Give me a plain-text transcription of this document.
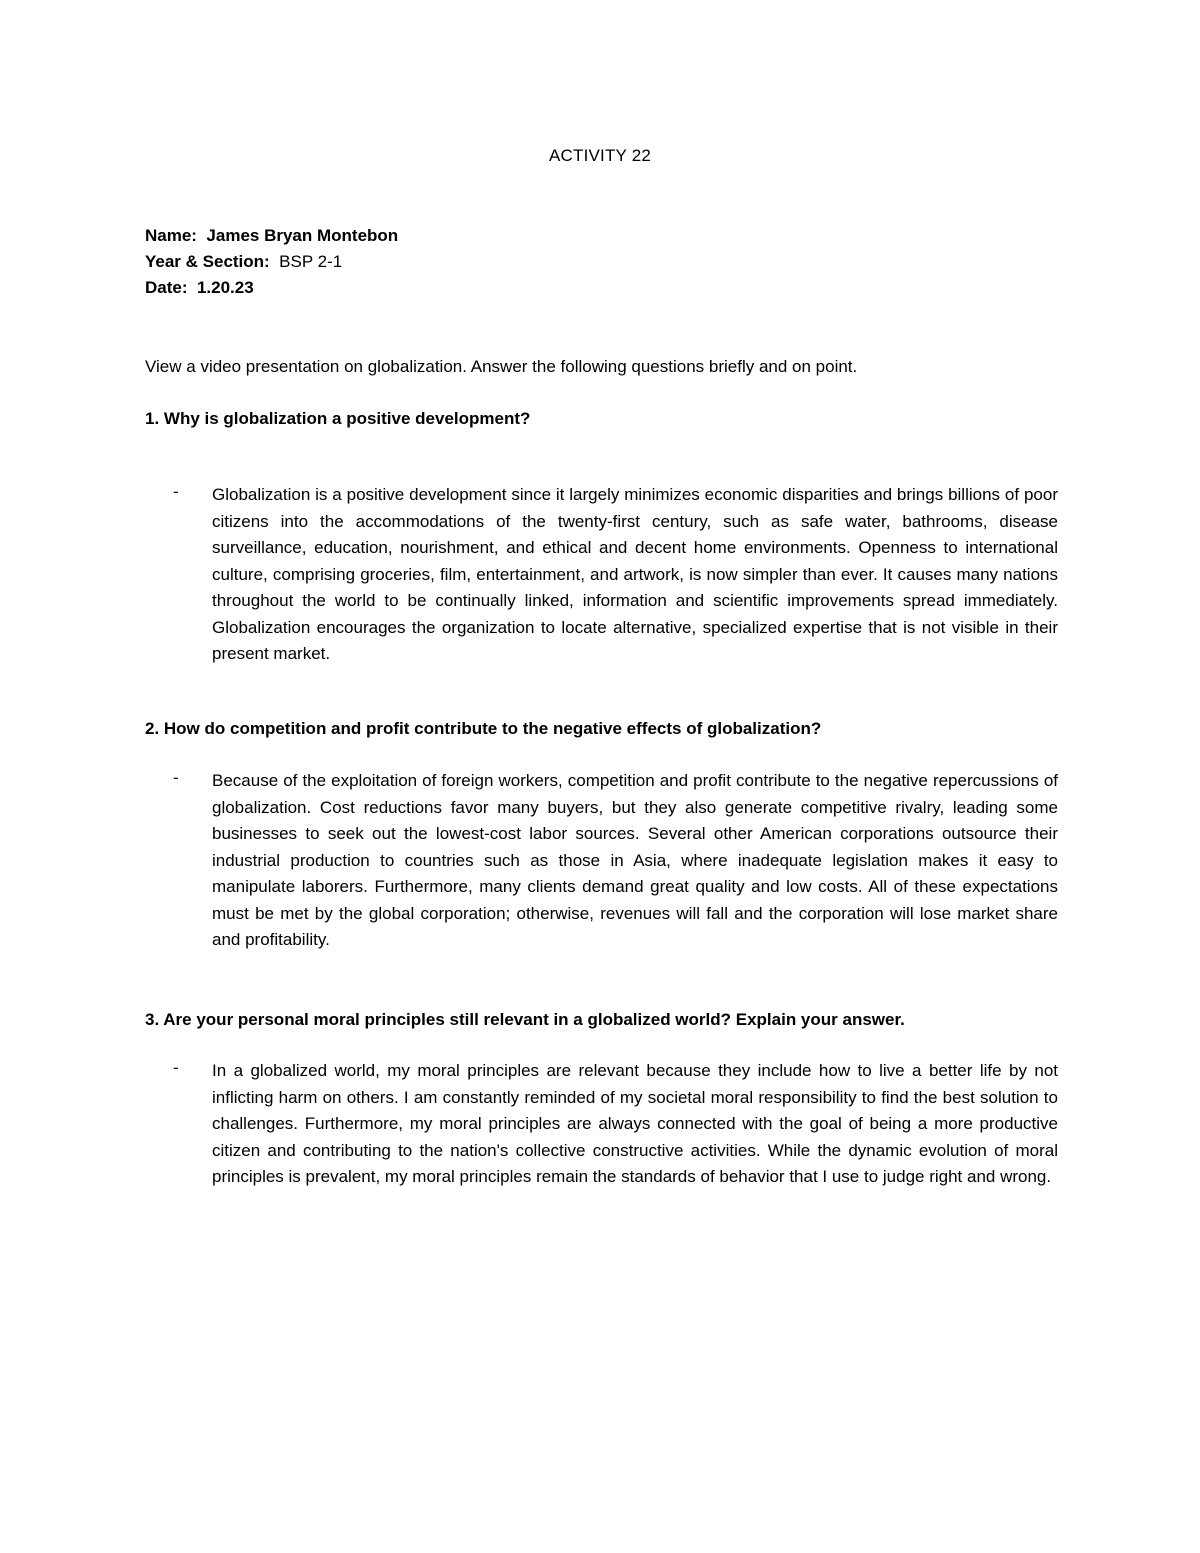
ACTIVITY 22
Name: James Bryan Montebon
Year & Section: BSP 2-1
Date: 1.20.23
View a video presentation on globalization. Answer the following questions briefly and on point.
1. Why is globalization a positive development?
- Globalization is a positive development since it largely minimizes economic disparities and brings billions of poor citizens into the accommodations of the twenty-first century, such as safe water, bathrooms, disease surveillance, education, nourishment, and ethical and decent home environments. Openness to international culture, comprising groceries, film, entertainment, and artwork, is now simpler than ever. It causes many nations throughout the world to be continually linked, information and scientific improvements spread immediately. Globalization encourages the organization to locate alternative, specialized expertise that is not visible in their present market.

2. How do competition and profit contribute to the negative effects of globalization?
- Because of the exploitation of foreign workers, competition and profit contribute to the negative repercussions of globalization. Cost reductions favor many buyers, but they also generate competitive rivalry, leading some businesses to seek out the lowest-cost labor sources. Several other American corporations outsource their industrial production to countries such as those in Asia, where inadequate legislation makes it easy to manipulate laborers. Furthermore, many clients demand great quality and low costs. All of these expectations must be met by the global corporation; otherwise, revenues will fall and the corporation will lose market share and profitability.

3. Are your personal moral principles still relevant in a globalized world? Explain your answer.
- In a globalized world, my moral principles are relevant because they include how to live a better life by not inflicting harm on others. I am constantly reminded of my societal moral responsibility to find the best solution to challenges. Furthermore, my moral principles are always connected with the goal of being a more productive citizen and contributing to the nation's collective constructive activities. While the dynamic evolution of moral principles is prevalent, my moral principles remain the standards of behavior that I use to judge right and wrong.
